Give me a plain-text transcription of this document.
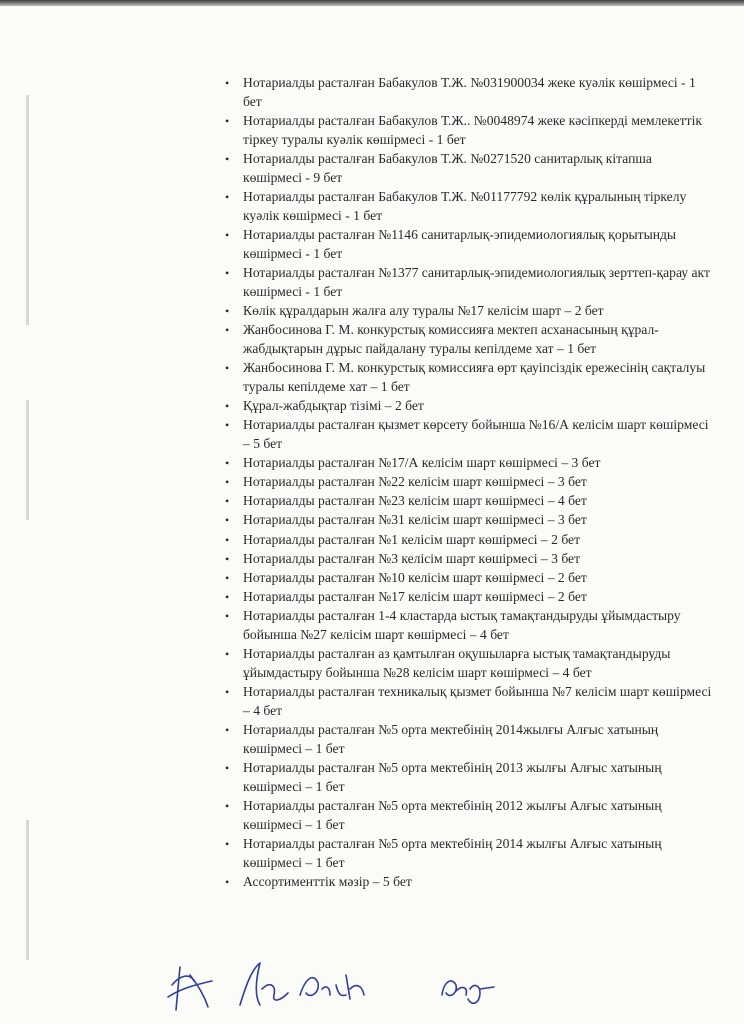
• Нотариалды расталған Бабакулов Т.Ж. №031900034 жеке куәлік көшірмесі - 1 бет
• Нотариалды расталған Бабакулов Т.Ж.. №0048974 жеке кәсіпкерді мемлекеттік тіркеу туралы куәлік көшірмесі - 1 бет
• Нотариалды расталған Бабакулов Т.Ж. №0271520 санитарлық кітапша көшірмесі - 9 бет
• Нотариалды расталған Бабакулов Т.Ж. №01177792 көлік құралының тіркелу куәлік көшірмесі - 1 бет
• Нотариалды расталған №1146 санитарлық-эпидемиологиялық қорытынды көшірмесі - 1 бет
• Нотариалды расталған №1377 санитарлық-эпидемиологиялық зерттеп-қарау акт көшірмесі - 1 бет
• Көлік құралдарын жалға алу туралы №17 келісім шарт – 2 бет
• Жанбосинова Г. М. конкурстық комиссияға мектеп асханасының құрал-жабдықтарын дұрыс пайдалану туралы кепілдеме хат – 1 бет
• Жанбосинова Г. М. конкурстық комиссияға өрт қауіпсіздік ережесінің сақталуы туралы кепілдеме хат – 1 бет
• Құрал-жабдықтар тізімі – 2 бет
• Нотариалды расталған қызмет көрсету бойынша №16/А келісім шарт көшірмесі – 5 бет
• Нотариалды расталған №17/А келісім шарт көшірмесі – 3 бет
• Нотариалды расталған №22 келісім шарт көшірмесі – 3 бет
• Нотариалды расталған №23 келісім шарт көшірмесі – 4 бет
• Нотариалды расталған №31 келісім шарт көшірмесі – 3 бет
• Нотариалды расталған №1 келісім шарт көшірмесі – 2 бет
• Нотариалды расталған №3 келісім шарт көшірмесі – 3 бет
• Нотариалды расталған №10 келісім шарт көшірмесі – 2 бет
• Нотариалды расталған №17 келісім шарт көшірмесі – 2 бет
• Нотариалды расталған 1-4 кластарда ыстық тамақтандыруды ұйымдастыру бойынша №27 келісім шарт көшірмесі – 4 бет
• Нотариалды расталған аз қамтылған оқушыларға ыстық тамақтандыруды ұйымдастыру бойынша №28 келісім шарт көшірмесі – 4 бет
• Нотариалды расталған техникалық қызмет бойынша №7 келісім шарт көшірмесі – 4 бет
• Нотариалды расталған №5 орта мектебінің 2014жылғы Алғыс хатының көшірмесі – 1 бет
• Нотариалды расталған №5 орта мектебінің 2013 жылғы Алғыс хатының көшірмесі – 1 бет
• Нотариалды расталған №5 орта мектебінің 2012 жылғы Алғыс хатының көшірмесі – 1 бет
• Нотариалды расталған №5 орта мектебінің 2014 жылғы Алғыс хатының көшірмесі – 1 бет
• Ассортименттік мәзір – 5 бет
